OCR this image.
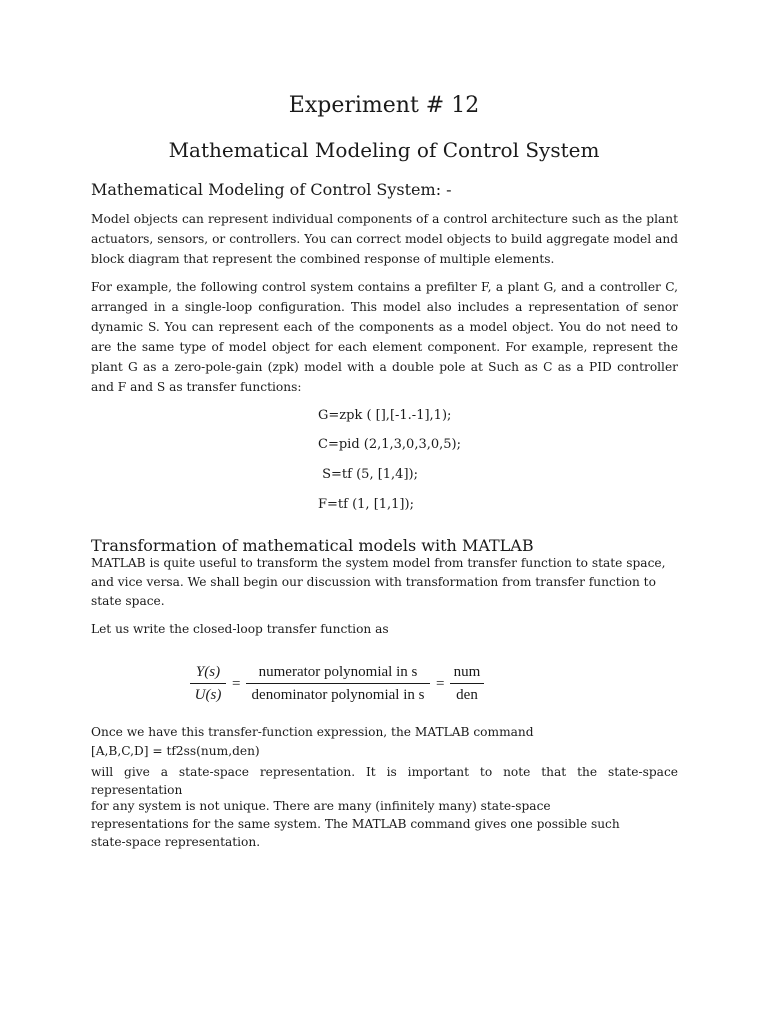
Experiment # 12
Mathematical Modeling of Control System
Mathematical Modeling of Control System: -

Model objects can represent individual components of a control architecture such as the plant actuators, sensors, or controllers. You can correct model objects to build aggregate model and block diagram that represent the combined response of multiple elements.

For example, the following control system contains a prefilter F, a plant G, and a controller C, arranged in a single-loop configuration. This model also includes a representation of senor dynamic S. You can represent each of the components as a model object. You do not need to are the same type of model object for each element component. For example, represent the plant G as a zero-pole-gain (zpk) model with a double pole at Such as C as a PID controller and F and S as transfer functions:

G=zpk ( [],[-1.-1],1);

C=pid (2,1,3,0,3,0,5);

S=tf (5, [1,4]);

F=tf (1, [1,1]);

Transformation of mathematical models with MATLAB

MATLAB is quite useful to transform the system model from transfer function to state space, and vice versa. We shall begin our discussion with transformation from transfer function to state space.

Let us write the closed-loop transfer function as

$\frac{Y(s)}{U(s)}$ =
numerator polynomial in s
denominator polynomial in s
=
num
den

Once we have this transfer-function expression, the MATLAB command

[A,B,C,D] = tf2ss(num,den)

will give a state-space representation. It is important to note that the state-space representation

for any system is not unique. There are many (infinitely many) state-space

representations for the same system. The MATLAB command gives one possible such

state-space representation.
